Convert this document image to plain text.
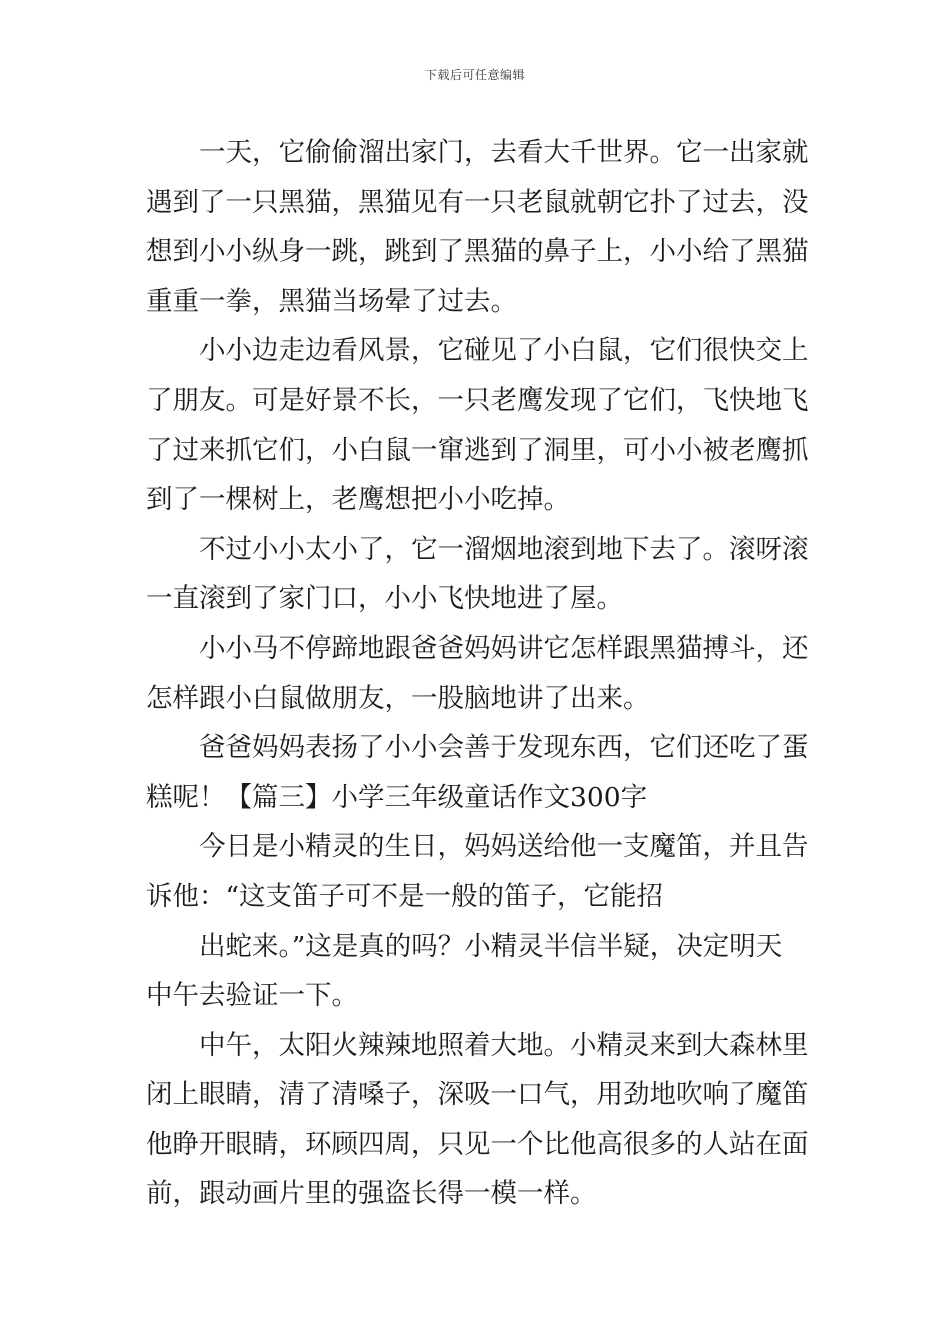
下载后可任意编辑
一天，它偷偷溜出家门，去看大千世界。它一出家就
遇到了一只黑猫，黑猫见有一只老鼠就朝它扑了过去，没
想到小小纵身一跳，跳到了黑猫的鼻子上，小小给了黑猫
重重一拳，黑猫当场晕了过去。
小小边走边看风景，它碰见了小白鼠，它们很快交上
了朋友。可是好景不长，一只老鹰发现了它们，飞快地飞
了过来抓它们，小白鼠一窜逃到了洞里，可小小被老鹰抓
到了一棵树上，老鹰想把小小吃掉。
不过小小太小了，它一溜烟地滚到地下去了。滚呀滚
一直滚到了家门口，小小飞快地进了屋。
小小马不停蹄地跟爸爸妈妈讲它怎样跟黑猫搏斗，还
怎样跟小白鼠做朋友，一股脑地讲了出来。
爸爸妈妈表扬了小小会善于发现东西，它们还吃了蛋
糕呢！【篇三】小学三年级童话作文300字
今日是小精灵的生日，妈妈送给他一支魔笛，并且告
诉他：“这支笛子可不是一般的笛子，它能招
出蛇来。”这是真的吗？小精灵半信半疑，决定明天
中午去验证一下。
中午，太阳火辣辣地照着大地。小精灵来到大森林里
闭上眼睛，清了清嗓子，深吸一口气，用劲地吹响了魔笛
他睁开眼睛，环顾四周，只见一个比他高很多的人站在面
前，跟动画片里的强盗长得一模一样。
